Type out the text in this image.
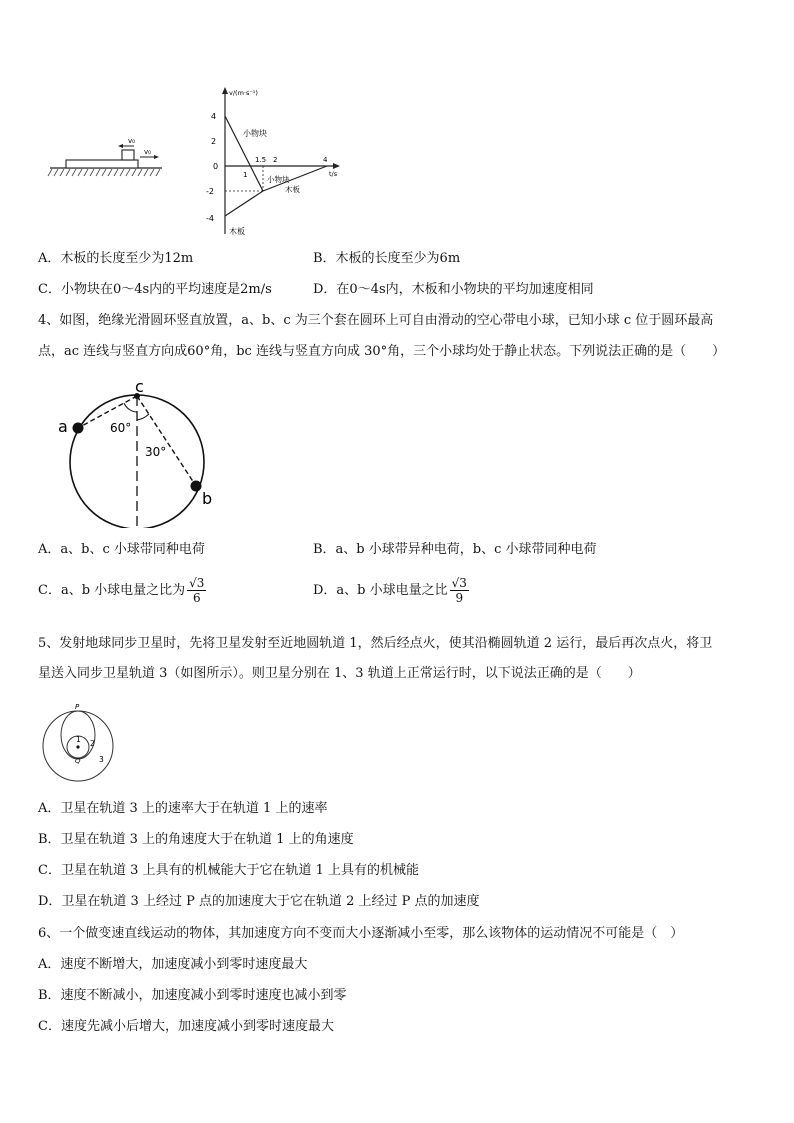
v₀
v₀
v/(m·s⁻¹)
t/s
4
2
0
-2
-4
1
1.5 2	4
小物块
小物块
木板
木板
A．木板的长度至少为12m	B．木板的长度至少为6m
C．小物块在0～4s内的平均速度是2m/s	D．在0～4s内，木板和小物块的平均加速度相同
4、如图，绝缘光滑圆环竖直放置，a、b、c 为三个套在圆环上可自由滑动的空心带电小球，已知小球 c 位于圆环最高
点，ac 连线与竖直方向成60°角，bc 连线与竖直方向成 30°角，三个小球均处于静止状态。下列说法正确的是（　　）
a
b
c
60°
30°
A．a、b、c 小球带同种电荷	B．a、b 小球带异种电荷，b、c 小球带同种电荷
C．a、b 小球电量之比为 $\frac{√3}{6}$	D．a、b 小球电量之比 $\frac{√3}{9}$
5、发射地球同步卫星时，先将卫星发射至近地圆轨道 1，然后经点火，使其沿椭圆轨道 2 运行，最后再次点火，将卫
星送入同步卫星轨道 3（如图所示）。则卫星分别在 1、3 轨道上正常运行时，以下说法正确的是（　　）
P
Q
1 2
3
A．卫星在轨道 3 上的速率大于在轨道 1 上的速率
B．卫星在轨道 3 上的角速度大于在轨道 1 上的角速度
C．卫星在轨道 3 上具有的机械能大于它在轨道 1 上具有的机械能
D．卫星在轨道 3 上经过 P 点的加速度大于它在轨道 2 上经过 P 点的加速度
6、一个做变速直线运动的物体，其加速度方向不变而大小逐渐减小至零，那么该物体的运动情况不可能是（　）
A．速度不断增大，加速度减小到零时速度最大
B．速度不断减小，加速度减小到零时速度也减小到零
C．速度先减小后增大，加速度减小到零时速度最大
